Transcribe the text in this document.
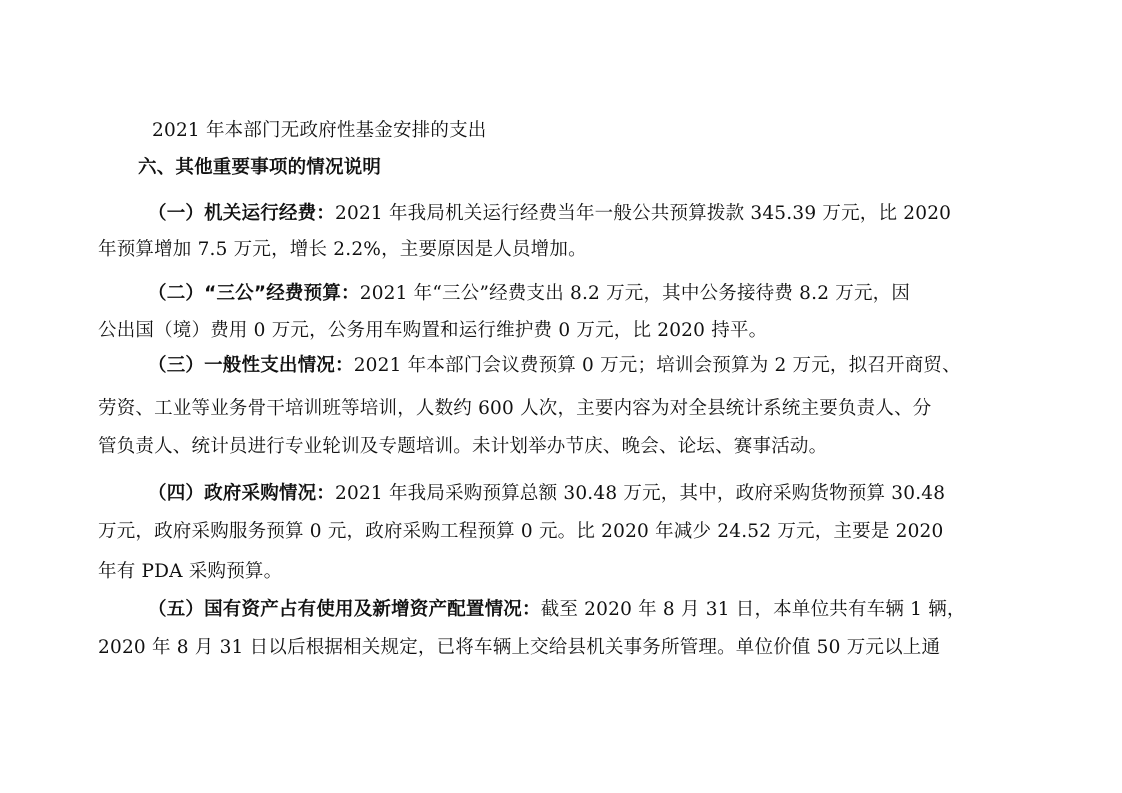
2021 年本部门无政府性基金安排的支出
六、其他重要事项的情况说明
（一）机关运行经费：2021 年我局机关运行经费当年一般公共预算拨款 345.39 万元，比 2020
年预算增加 7.5 万元，增长 2.2%，主要原因是人员增加。
（二）“三公”经费预算：2021 年“三公”经费支出 8.2 万元，其中公务接待费 8.2 万元，因
公出国（境）费用 0 万元，公务用车购置和运行维护费 0 万元，比 2020 持平。
（三）一般性支出情况：2021 年本部门会议费预算 0 万元；培训会预算为 2 万元，拟召开商贸、
劳资、工业等业务骨干培训班等培训，人数约 600 人次，主要内容为对全县统计系统主要负责人、分
管负责人、统计员进行专业轮训及专题培训。未计划举办节庆、晚会、论坛、赛事活动。
（四）政府采购情况：2021 年我局采购预算总额 30.48 万元，其中，政府采购货物预算 30.48
万元，政府采购服务预算 0 元，政府采购工程预算 0 元。比 2020 年减少 24.52 万元，主要是 2020
年有 PDA 采购预算。
（五）国有资产占有使用及新增资产配置情况：截至 2020 年 8 月 31 日，本单位共有车辆 1 辆，
2020 年 8 月 31 日以后根据相关规定，已将车辆上交给县机关事务所管理。单位价值 50 万元以上通
